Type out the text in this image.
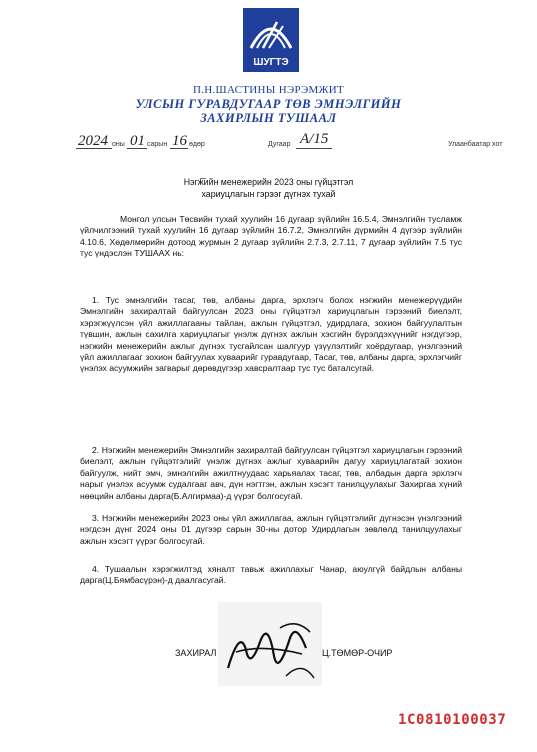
ШУГТЭ
П.Н.ШАСТИНЫ НЭРЭМЖИТ
УЛСЫН ГУРАВДУГААР ТӨВ ЭМНЭЛГИЙН
ЗАХИРЛЫН ТУШААЛ
2024 оны 01 сарын 16 өдөр	Дугаар А/15	Улаанбаатар хот
Нэгжийн менежерийн 2023 оны гүйцэтгэл
хариуцлагын гэрээг дүгнэх тухай
Монгол улсын Төсвийн тухай хуулийн 16 дугаар зүйлийн 16.5.4, Эмнэлгийн тусламж үйлчилгээний тухай хуулийн 16 дугаар зүйлийн 16.7.2, Эмнэлгийн дүрмийн 4 дүгээр зүйлийн 4.10.6, Хөдөлмөрийн дотоод журмын 2 дугаар зүйлийн 2.7.3, 2.7.11, 7 дугаар зүйлийн 7.5 тус тус үндэслэн ТУШААХ нь:
1. Тус эмнэлгийн тасаг, төв, албаны дарга, эрхлэгч болох нэгжийн менежерүүдийн Эмнэлгийн захиралтай байгуулсан 2023 оны гүйцэтгэл хариуцлагын гэрээний биелэлт, хэрэгжүүлсэн үйл ажиллагааны тайлан, ажлын гүйцэтгэл, удирдлага, зохион байгуулалтын түвшин, ажлын сахилга хариуцлагыг үнэлж дүгнэх ажлын хэсгийн бүрэлдэхүүнийг нэгдүгээр, нэгжийн менежерийн ажлыг дүгнэх тусгайлсан шалгуур үзүүлэлтийг хоёрдугаар, үнэлгээний үйл ажиллагааг зохион байгуулах хуваарийг гуравдугаар, Тасаг, төв, албаны дарга, эрхлэгчийг үнэлэх асуумжийн загварыг дөрөвдүгээр хавсралтаар тус тус баталсугай.
2. Нэгжийн менежерийн Эмнэлгийн захиралтай байгуулсан гүйцэтгэл хариуцлагын гэрээний биелэлт, ажлын гүйцэтгэлийг үнэлж дүгнэх ажлыг хуваарийн дагуу хариуцлагатай зохион байгуулж, нийт эмч, эмнэлгийн ажилтнуудаас харьяалах тасаг, төв, албадын дарга эрхлэгч нарыг үнэлэх асуумж судалгааг авч, дүн нэгтгэн, ажлын хэсэгт танилцуулахыг Захиргаа хүний нөөцийн албаны дарга(Б.Алгирмаа)-д үүрэг болгосугай.
3. Нэгжийн менежерийн 2023 оны үйл ажиллагаа, ажлын гүйцэтгэлийг дүгнэсэн үнэлгээний нэгдсэн дүнг 2024 оны 01 дүгээр сарын 30-ны дотор Удирдлагын зөвлөлд танилцуулахыг ажлын хэсэгт үүрэг болгосугай.
4. Тушаалын хэрэгжилтэд хяналт тавьж ажиллахыг Чанар, аюулгүй байдлын албаны дарга(Ц.Бямбасүрэн)-д даалгасугай.
ЗАХИРАЛ	Ц.ТӨМӨР-ОЧИР
1C0810100037
